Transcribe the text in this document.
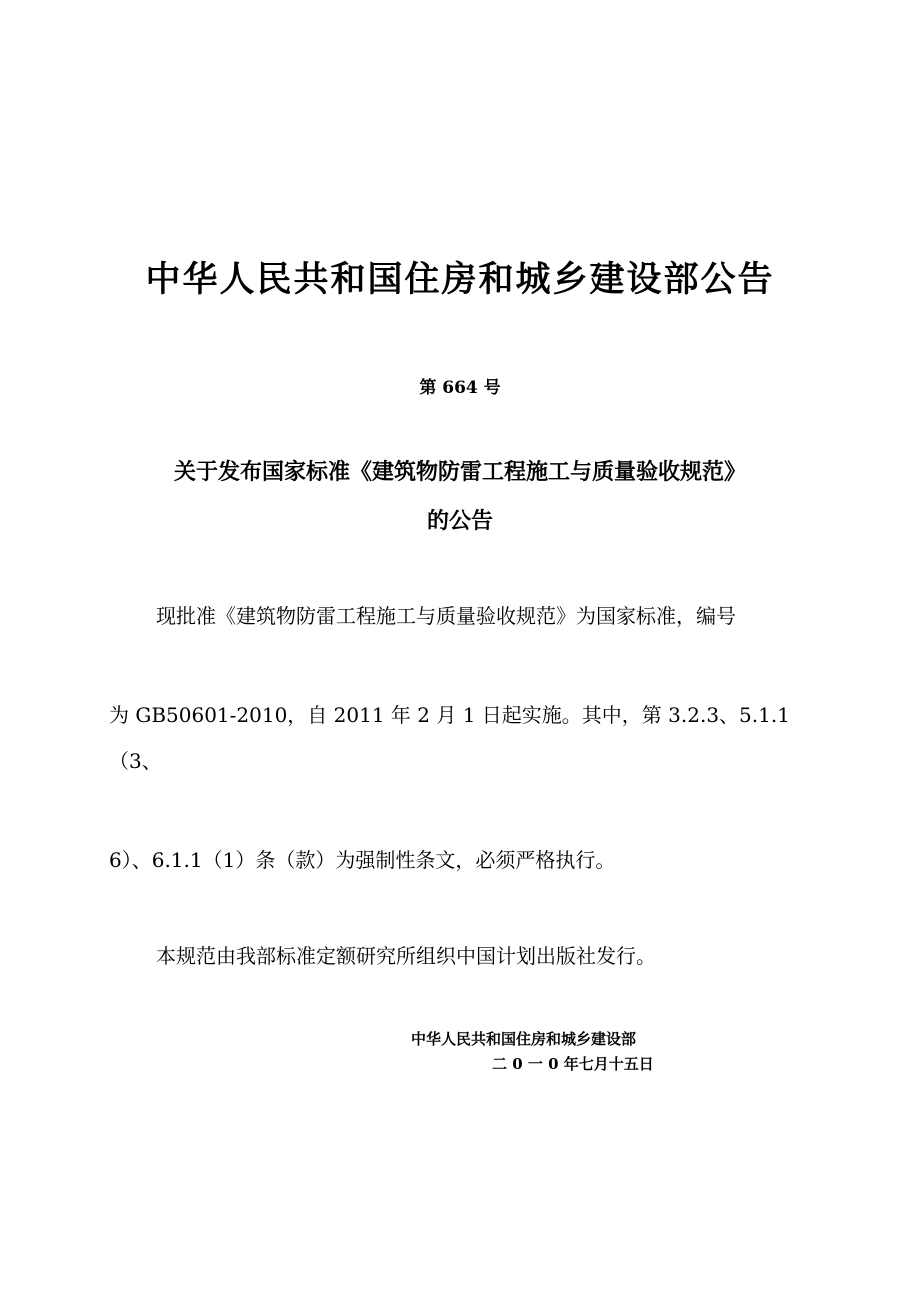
中华人民共和国住房和城乡建设部公告
第 664 号
关于发布国家标准《建筑物防雷工程施工与质量验收规范》
的公告
现批准《建筑物防雷工程施工与质量验收规范》为国家标准，编号
为 GB50601-2010，自 2011 年 2 月 1 日起实施。其中，第 3.2.3、5.1.1
（3、
6）、6.1.1（1）条（款）为强制性条文，必须严格执行。
本规范由我部标准定额研究所组织中国计划出版社发行。
中华人民共和国住房和城乡建设部
二 0 一 0 年七月十五日
